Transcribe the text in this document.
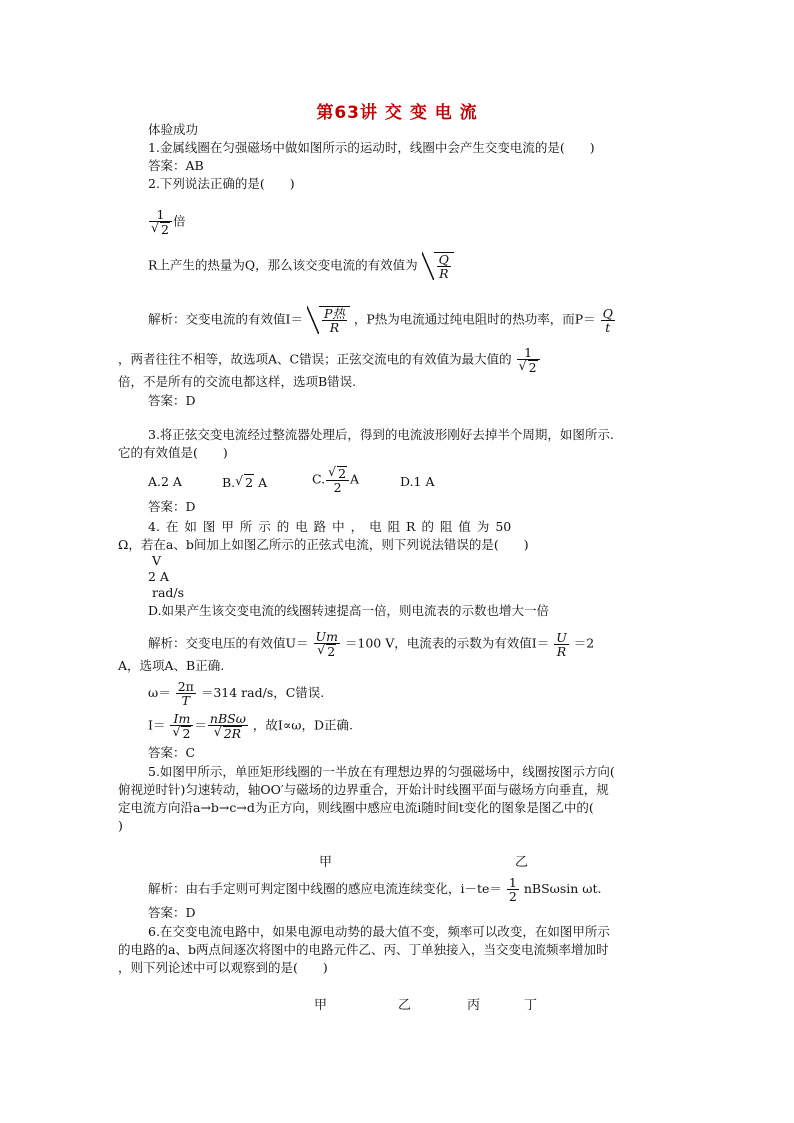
第63讲 交 变 电 流
体验成功
1.金属线圈在匀强磁场中做如图所示的运动时，线圈中会产生交变电流的是(　　)
答案：AB
2.下列说法正确的是(　　)
1
√ 2 倍
R上产生的热量为Q，那么该交变电流的有效值为 $\frac{Q}{R}$
解析：交变电流的有效值$I= \frac{\text{P热}}{R}$ ，P热为电流通过纯电阻时的热功率，而$P= \frac{Q}{t}$
，两者往往不相等，故选项A、C错误；正弦交流电的有效值为最大值的 1
√ 2
倍，不是所有的交流电都这样，选项B错误.
答案：D
3.将正弦交变电流经过整流器处理后，得到的电流波形刚好去掉半个周期，如图所示.
它的有效值是(　　)
A.2 A	B. √ 2 A	C. √ $\frac{2}{2}$ A	D.1 A
答案：D
4. 在 如 图 甲 所 示 的 电 路 中 ， 电 阻 R 的 阻 值 为 50
Ω，若在a、b间加上如图乙所示的正弦式电流，则下列说法错误的是(　　)
V
2 A
rad/s
D.如果产生该交变电流的线圈转速提高一倍，则电流表的示数也增大一倍
解析：交变电压的有效值U＝ Um
√ 2 ＝100 V，电流表的示数为有效值$I= \frac{U}{R} =2$
A，选项A、B正确.
$\omega= \frac{2\pi}{T} =314$ rad/s，C错误.
I＝ Im
√ 2 ＝ nBSω
√ 2R ，故I∝ω，D正确.
答案：C
5.如图甲所示，单匝矩形线圈的一半放在有理想边界的匀强磁场中，线圈按图示方向(
俯视逆时针)匀速转动，轴OO′与磁场的边界重合，开始计时线圈平面与磁场方向垂直，规
定电流方向沿a→b→c→d为正方向，则线圈中感应电流i随时间t变化的图象是图乙中的(
)
甲	乙
解析：由右手定则可判定图中线圈的感应电流连续变化，$i-te= \frac{1}{2}$ nBSωsin ωt.
答案：D
6.在交变电流电路中，如果电源电动势的最大值不变，频率可以改变，在如图甲所示
的电路的a、b两点间逐次将图中的电路元件乙、丙、丁单独接入，当交变电流频率增加时
，则下列论述中可以观察到的是(　　)
甲	乙	丙	丁
